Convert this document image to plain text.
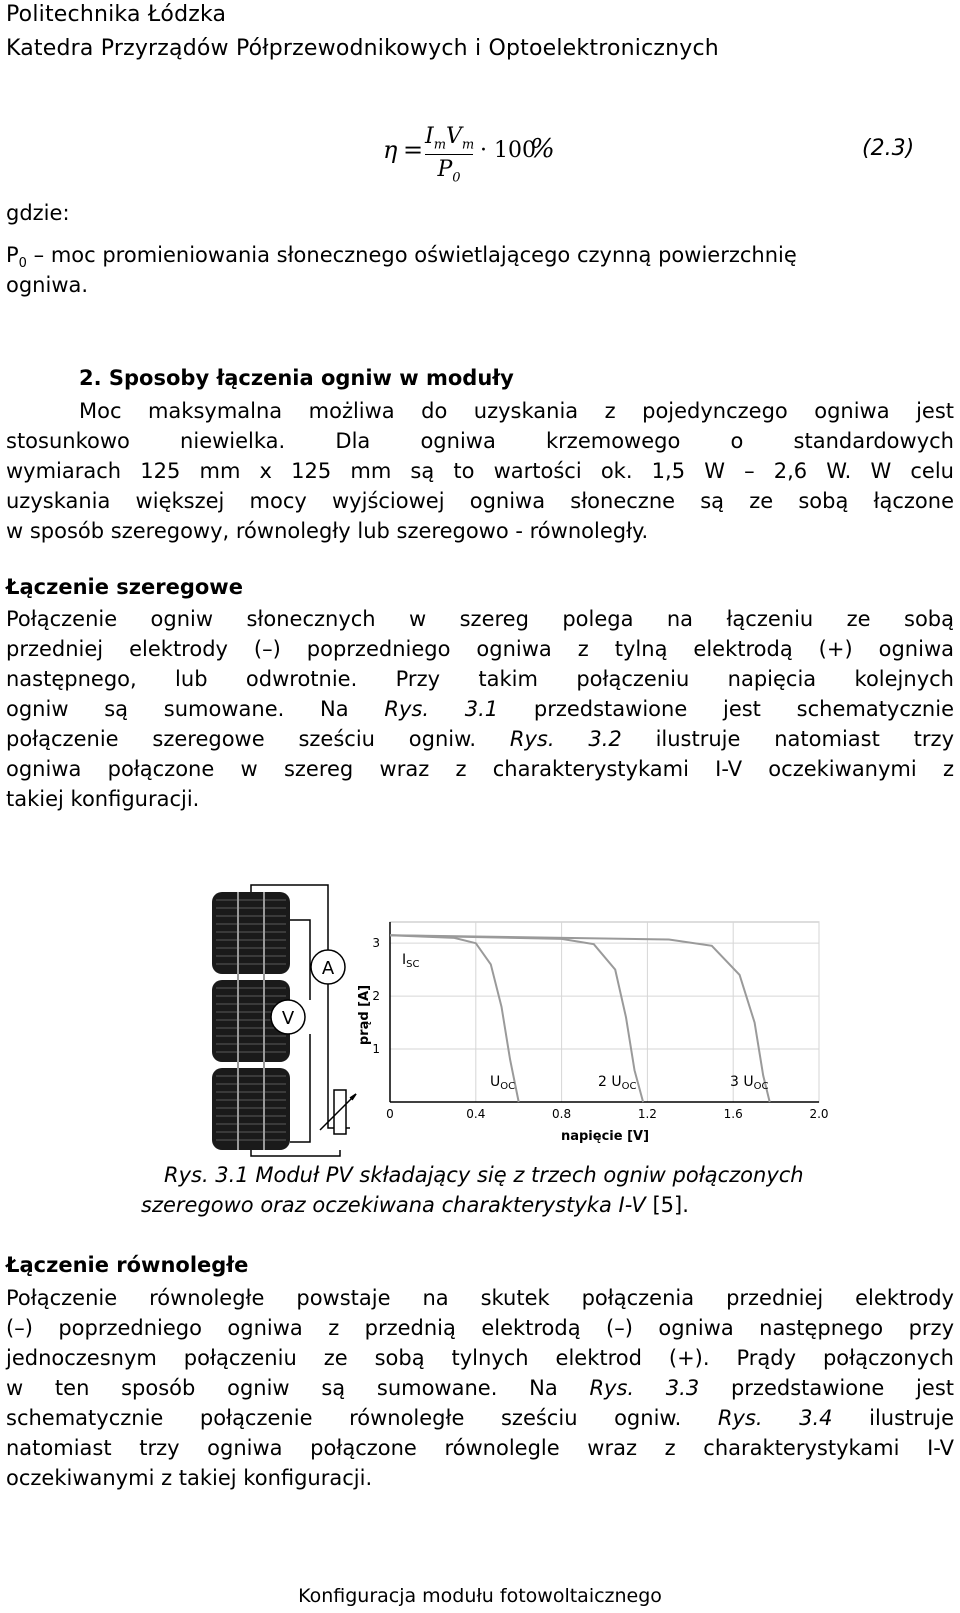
Politechnika Łódzka
Katedra Przyrządów Półprzewodnikowych i Optoelektronicznych
$\eta = I_mV_m$
$P_0$
· 100
%	(2.3)
gdzie:
$P_0$ – moc promieniowania słonecznego oświetlającego czynną powierzchnię
ogniwa.
2. Sposoby łączenia ogniw w moduły
Moc maksymalna możliwa do uzyskania z pojedynczego ogniwa jest
stosunkowo niewielka. Dla ogniwa krzemowego o standardowych
wymiarach 125 mm x 125 mm są to wartości ok. 1,5 W – 2,6 W. W celu
uzyskania większej mocy wyjściowej ogniwa słoneczne są ze sobą łączone
w sposób szeregowy, równoległy lub szeregowo - równoległy.
Łączenie szeregowe
Połączenie ogniw słonecznych w szereg polega na łączeniu ze sobą
przedniej elektrody (–) poprzedniego ogniwa z tylną elektrodą (+) ogniwa
następnego, lub odwrotnie. Przy takim połączeniu napięcia kolejnych
ogniw są sumowane. Na Rys. 3.1 przedstawione jest schematycznie
połączenie szeregowe sześciu ogniw. Rys. 3.2 ilustruje natomiast trzy
ogniwa połączone w szereg wraz z charakterystykami I-V oczekiwanymi z
takiej konfiguracji.
A
V
0	0.4	0.8	1.2	1.6	2.0
3
2
1
prąd [A]
napięcie [V]
$I_{SC}$
$U_{OC}$	2 $U_{OC}$	3 $U_{OC}$
Rys. 3.1 Moduł PV składający się z trzech ogniw połączonych
szeregowo oraz oczekiwana charakterystyka I-V [5].
Łączenie równoległe
Połączenie równoległe powstaje na skutek połączenia przedniej elektrody
(–) poprzedniego ogniwa z przednią elektrodą (–) ogniwa następnego przy
jednoczesnym połączeniu ze sobą tylnych elektrod (+). Prądy połączonych
w ten sposób ogniw są sumowane. Na Rys. 3.3 przedstawione jest
schematycznie połączenie równoległe sześciu ogniw. Rys. 3.4 ilustruje
natomiast trzy ogniwa połączone równolegle wraz z charakterystykami I-V
oczekiwanymi z takiej konfiguracji.
Konfiguracja modułu fotowoltaicznego
